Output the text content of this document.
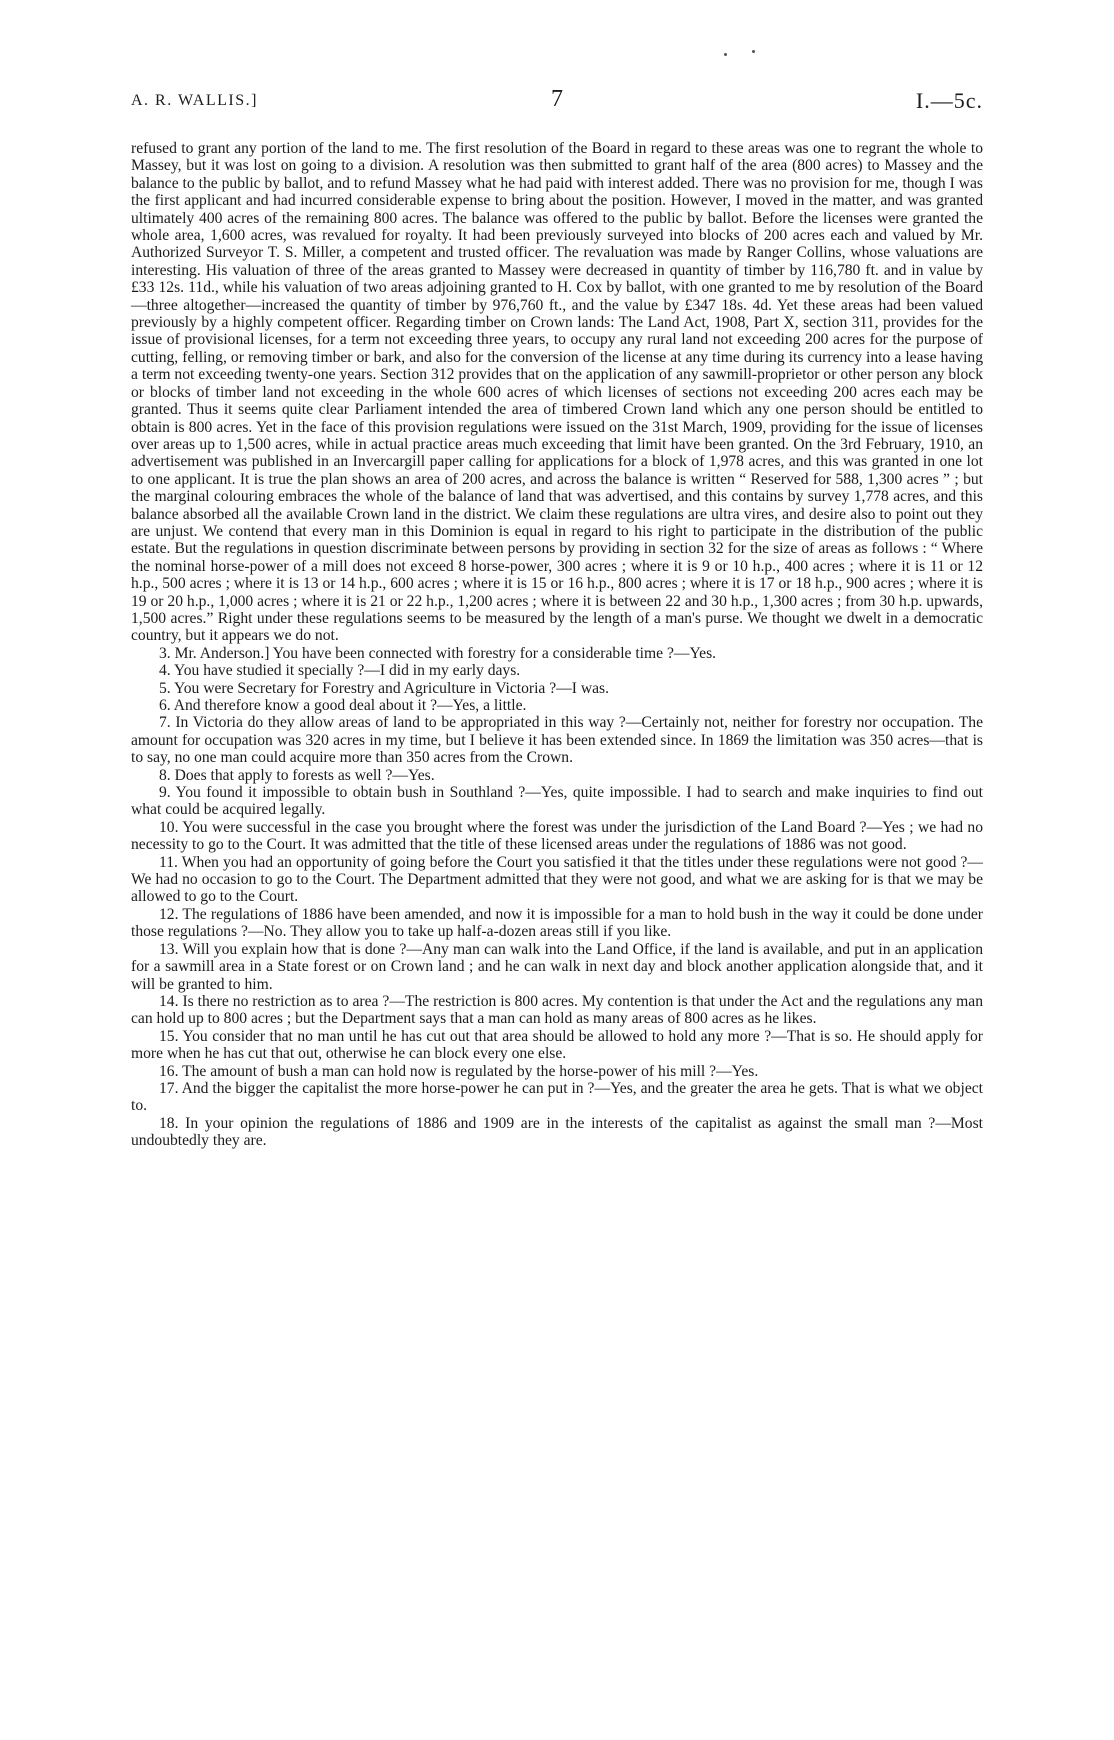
A. R. WALLIS.]	7	I.—5c.

refused to grant any portion of the land to me. The first resolution of the Board in regard to these areas was one to regrant the whole to Massey, but it was lost on going to a division. A resolution was then submitted to grant half of the area (800 acres) to Massey and the balance to the public by ballot, and to refund Massey what he had paid with interest added. There was no provision for me, though I was the first applicant and had incurred considerable expense to bring about the position. However, I moved in the matter, and was granted ultimately 400 acres of the remaining 800 acres. The balance was offered to the public by ballot. Before the licenses were granted the whole area, 1,600 acres, was revalued for royalty. It had been previously surveyed into blocks of 200 acres each and valued by Mr. Authorized Surveyor T. S. Miller, a competent and trusted officer. The revaluation was made by Ranger Collins, whose valuations are interesting. His valuation of three of the areas granted to Massey were decreased in quantity of timber by 116,780 ft. and in value by £33 12s. 11d., while his valuation of two areas adjoining granted to H. Cox by ballot, with one granted to me by resolution of the Board—three altogether—increased the quantity of timber by 976,760 ft., and the value by £347 18s. 4d. Yet these areas had been valued previously by a highly competent officer. Regarding timber on Crown lands: The Land Act, 1908, Part X, section 311, provides for the issue of provisional licenses, for a term not exceeding three years, to occupy any rural land not exceeding 200 acres for the purpose of cutting, felling, or removing timber or bark, and also for the conversion of the license at any time during its currency into a lease having a term not exceeding twenty-one years. Section 312 provides that on the application of any sawmill-proprietor or other person any block or blocks of timber land not exceeding in the whole 600 acres of which licenses of sections not exceeding 200 acres each may be granted. Thus it seems quite clear Parliament intended the area of timbered Crown land which any one person should be entitled to obtain is 800 acres. Yet in the face of this provision regulations were issued on the 31st March, 1909, providing for the issue of licenses over areas up to 1,500 acres, while in actual practice areas much exceeding that limit have been granted. On the 3rd February, 1910, an advertisement was published in an Invercargill paper calling for applications for a block of 1,978 acres, and this was granted in one lot to one applicant. It is true the plan shows an area of 200 acres, and across the balance is written “ Reserved for 588, 1,300 acres ” ; but the marginal colouring embraces the whole of the balance of land that was advertised, and this contains by survey 1,778 acres, and this balance absorbed all the available Crown land in the district. We claim these regulations are ultra vires, and desire also to point out they are unjust. We contend that every man in this Dominion is equal in regard to his right to participate in the distribution of the public estate. But the regulations in question discriminate between persons by providing in section 32 for the size of areas as follows : “ Where the nominal horse-power of a mill does not exceed 8 horse-power, 300 acres ; where it is 9 or 10 h.p., 400 acres ; where it is 11 or 12 h.p., 500 acres ; where it is 13 or 14 h.p., 600 acres ; where it is 15 or 16 h.p., 800 acres ; where it is 17 or 18 h.p., 900 acres ; where it is 19 or 20 h.p., 1,000 acres ; where it is 21 or 22 h.p., 1,200 acres ; where it is between 22 and 30 h.p., 1,300 acres ; from 30 h.p. upwards, 1,500 acres.” Right under these regulations seems to be measured by the length of a man's purse. We thought we dwelt in a democratic country, but it appears we do not.

3. Mr. Anderson.] You have been connected with forestry for a considerable time ?—Yes.

4. You have studied it specially ?—I did in my early days.

5. You were Secretary for Forestry and Agriculture in Victoria ?—I was.

6. And therefore know a good deal about it ?—Yes, a little.

7. In Victoria do they allow areas of land to be appropriated in this way ?—Certainly not, neither for forestry nor occupation. The amount for occupation was 320 acres in my time, but I believe it has been extended since. In 1869 the limitation was 350 acres—that is to say, no one man could acquire more than 350 acres from the Crown.

8. Does that apply to forests as well ?—Yes.

9. You found it impossible to obtain bush in Southland ?—Yes, quite impossible. I had to search and make inquiries to find out what could be acquired legally.

10. You were successful in the case you brought where the forest was under the jurisdiction of the Land Board ?—Yes ; we had no necessity to go to the Court. It was admitted that the title of these licensed areas under the regulations of 1886 was not good.

11. When you had an opportunity of going before the Court you satisfied it that the titles under these regulations were not good ?—We had no occasion to go to the Court. The Department admitted that they were not good, and what we are asking for is that we may be allowed to go to the Court.

12. The regulations of 1886 have been amended, and now it is impossible for a man to hold bush in the way it could be done under those regulations ?—No. They allow you to take up half-a-dozen areas still if you like.

13. Will you explain how that is done ?—Any man can walk into the Land Office, if the land is available, and put in an application for a sawmill area in a State forest or on Crown land ; and he can walk in next day and block another application alongside that, and it will be granted to him.

14. Is there no restriction as to area ?—The restriction is 800 acres. My contention is that under the Act and the regulations any man can hold up to 800 acres ; but the Department says that a man can hold as many areas of 800 acres as he likes.

15. You consider that no man until he has cut out that area should be allowed to hold any more ?—That is so. He should apply for more when he has cut that out, otherwise he can block every one else.

16. The amount of bush a man can hold now is regulated by the horse-power of his mill ?—Yes.

17. And the bigger the capitalist the more horse-power he can put in ?—Yes, and the greater the area he gets. That is what we object to.

18. In your opinion the regulations of 1886 and 1909 are in the interests of the capitalist as against the small man ?—Most undoubtedly they are.
